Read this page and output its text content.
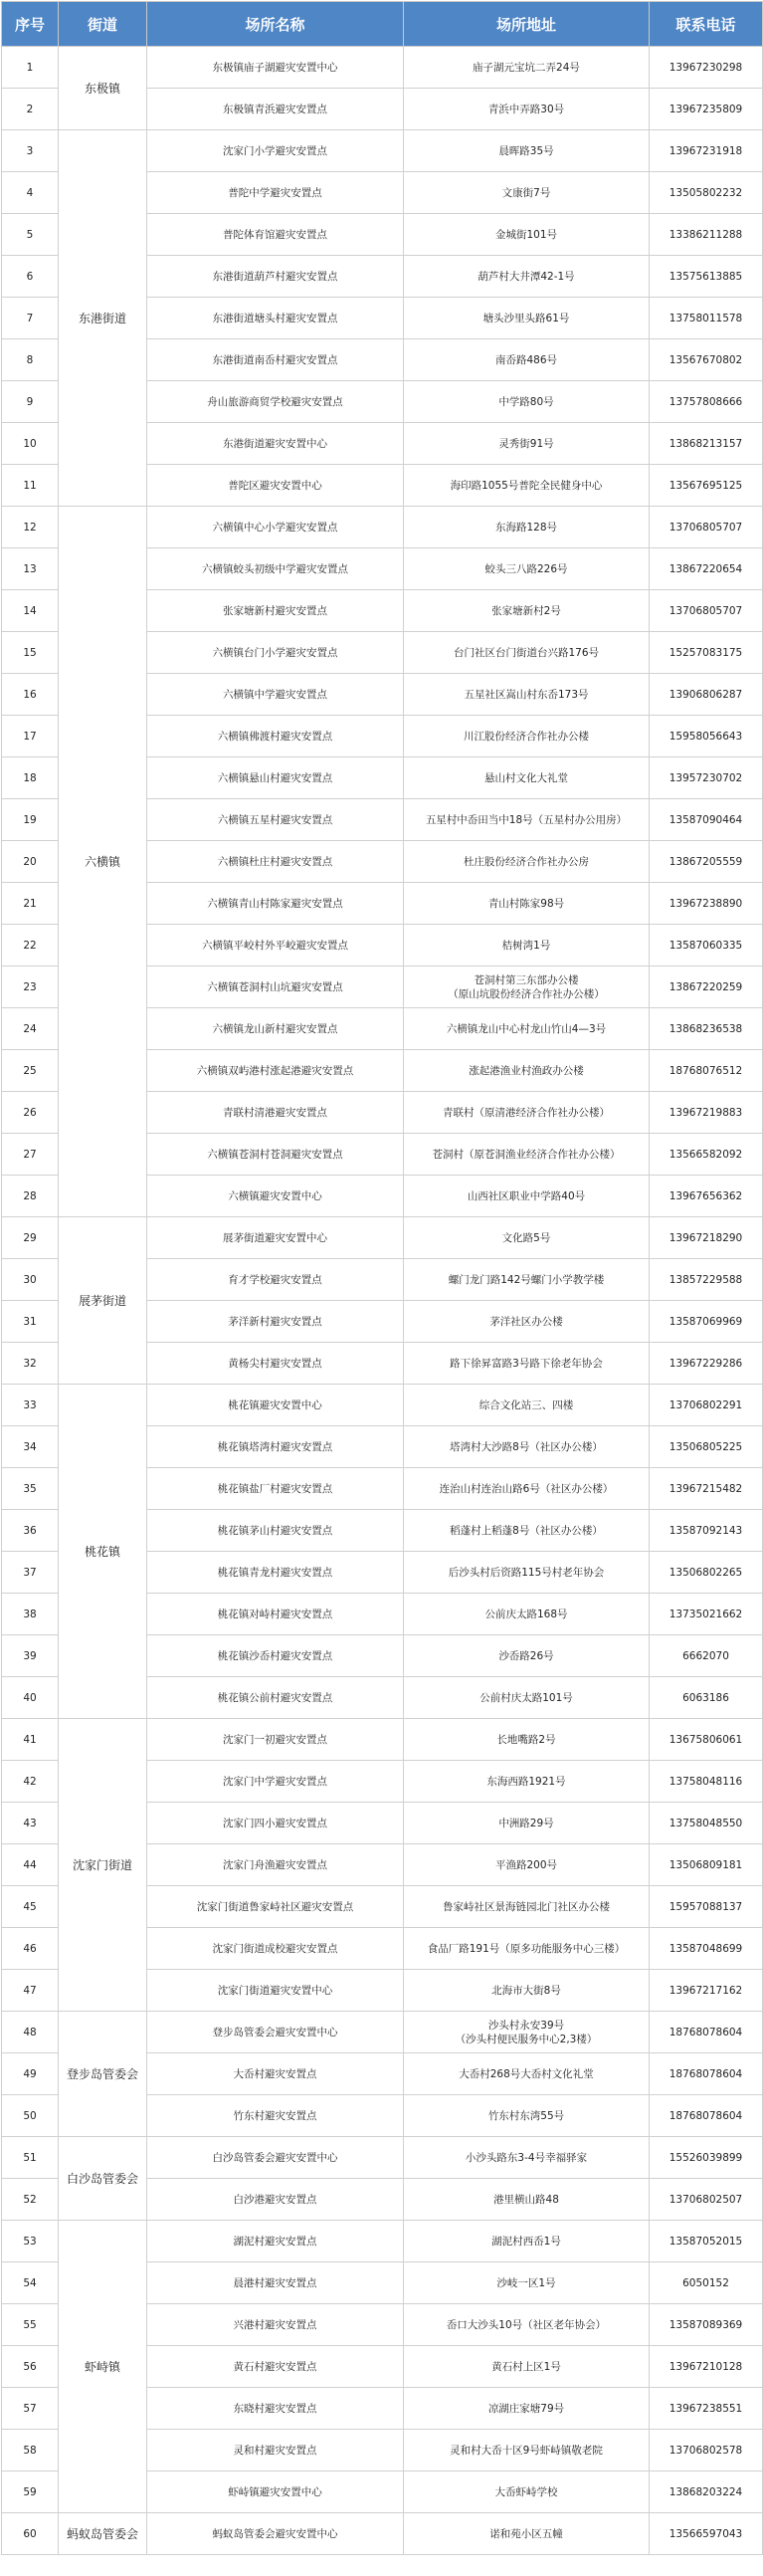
序号	街道	场所名称	场所地址	联系电话
1	东极镇	东极镇庙子湖避灾安置中心	庙子湖元宝坑二弄24号	13967230298
2		东极镇青浜避灾安置点	青浜中弄路30号	13967235809
3	东港街道	沈家门小学避灾安置点	晨晖路35号	13967231918
4		普陀中学避灾安置点	文康街7号	13505802232
5		普陀体育馆避灾安置点	金城街101号	13386211288
6		东港街道葫芦村避灾安置点	葫芦村大井潭42-1号	13575613885
7		东港街道塘头村避灾安置点	塘头沙里头路61号	13758011578
8		东港街道南岙村避灾安置点	南岙路486号	13567670802
9		舟山旅游商贸学校避灾安置点	中学路80号	13757808666
10		东港街道避灾安置中心	灵秀街91号	13868213157
11		普陀区避灾安置中心	海印路1055号普陀全民健身中心	13567695125
12	六横镇	六横镇中心小学避灾安置点	东海路128号	13706805707
13		六横镇蛟头初级中学避灾安置点	蛟头三八路226号	13867220654
14		张家塘新村避灾安置点	张家塘新村2号	13706805707
15		六横镇台门小学避灾安置点	台门社区台门街道台兴路176号	15257083175
16		六横镇中学避灾安置点	五星社区嵩山村东岙173号	13906806287
17		六横镇佛渡村避灾安置点	川江股份经济合作社办公楼	15958056643
18		六横镇悬山村避灾安置点	悬山村文化大礼堂	13957230702
19		六横镇五星村避灾安置点	五星村中岙田当中18号（五星村办公用房）	13587090464
20		六横镇杜庄村避灾安置点	杜庄股份经济合作社办公房	13867205559
21		六横镇青山村陈家避灾安置点	青山村陈家98号	13967238890
22		六横镇平峧村外平峧避灾安置点	桔树湾1号	13587060335
23		六横镇苍洞村山坑避灾安置点	苍洞村第三东部办公楼
（原山坑股份经济合作社办公楼）	13867220259
24		六横镇龙山新村避灾安置点	六横镇龙山中心村龙山竹山4—3号	13868236538
25		六横镇双屿港村涨起港避灾安置点	涨起港渔业村渔政办公楼	18768076512
26		青联村清港避灾安置点	青联村（原清港经济合作社办公楼）	13967219883
27		六横镇苍洞村苍洞避灾安置点	苍洞村（原苍洞渔业经济合作社办公楼）	13566582092
28		六横镇避灾安置中心	山西社区职业中学路40号	13967656362
29	展茅街道	展茅街道避灾安置中心	文化路5号	13967218290
30		育才学校避灾安置点	螺门龙门路142号螺门小学教学楼	13857229588
31		茅洋新村避灾安置点	茅洋社区办公楼	13587069969
32		黄杨尖村避灾安置点	路下徐昇富路3号路下徐老年协会	13967229286
33	桃花镇	桃花镇避灾安置中心	综合文化站三、四楼	13706802291
34		桃花镇塔湾村避灾安置点	塔湾村大沙路8号（社区办公楼）	13506805225
35		桃花镇盐厂村避灾安置点	连治山村连治山路6号（社区办公楼）	13967215482
36		桃花镇茅山村避灾安置点	稻蓬村上稻蓬8号（社区办公楼）	13587092143
37		桃花镇青龙村避灾安置点	后沙头村后资路115号村老年协会	13506802265
38		桃花镇对峙村避灾安置点	公前庆太路168号	13735021662
39		桃花镇沙岙村避灾安置点	沙岙路26号	6662070
40		桃花镇公前村避灾安置点	公前村庆太路101号	6063186
41	沈家门街道	沈家门一初避灾安置点	长地嘴路2号	13675806061
42		沈家门中学避灾安置点	东海西路1921号	13758048116
43		沈家门四小避灾安置点	中洲路29号	13758048550
44		沈家门舟渔避灾安置点	平渔路200号	13506809181
45		沈家门街道鲁家峙社区避灾安置点	鲁家峙社区景海链园北门社区办公楼	15957088137
46		沈家门街道成校避灾安置点	食品厂路191号（原多功能服务中心三楼）	13587048699
47		沈家门街道避灾安置中心	北海市大街8号	13967217162
48	登步岛管委会	登步岛管委会避灾安置中心	沙头村永安39号
（沙头村便民服务中心2,3楼）	18768078604
49		大岙村避灾安置点	大岙村268号大岙村文化礼堂	18768078604
50		竹东村避灾安置点	竹东村东湾55号	18768078604
51	白沙岛管委会	白沙岛管委会避灾安置中心	小沙头路东3-4号幸福驿家	15526039899
52		白沙港避灾安置点	港里横山路48	13706802507
53	虾峙镇	湖泥村避灾安置点	湖泥村西岙1号	13587052015
54		晨港村避灾安置点	沙岐一区1号	6050152
55		兴港村避灾安置点	岙口大沙头10号（社区老年协会）	13587089369
56		黄石村避灾安置点	黄石村上区1号	13967210128
57		东晓村避灾安置点	凉湖庄家塘79号	13967238551
58		灵和村避灾安置点	灵和村大岙十区9号虾峙镇敬老院	13706802578
59		虾峙镇避灾安置中心	大岙虾峙学校	13868203224
60	蚂蚁岛管委会	蚂蚁岛管委会避灾安置中心	诺和苑小区五幢	13566597043
